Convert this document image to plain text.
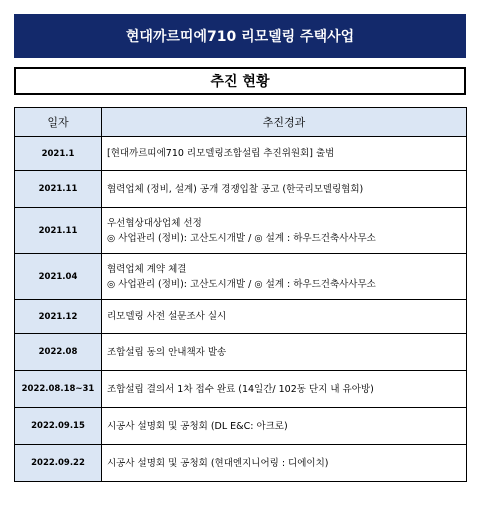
현대까르띠에710 리모델링 주택사업
추진 현황
일자	추진경과
2021.1	[현대까르띠에710 리모델링조합설립 추진위원회] 출범

2021.11	협력업체 (정비, 설계) 공개 경쟁입찰 공고 (한국리모델링협회)

2021.11	우선협상대상업체 선정
◎ 사업관리 (정비): 고산도시개발 / ◎ 설계 : 하우드건축사사무소

2021.04	협력업체 계약 체결
◎ 사업관리 (정비): 고산도시개발 / ◎ 설계 : 하우드건축사사무소

2021.12	리모델링 사전 설문조사 실시

2022.08	조합설립 동의 안내책자 발송

2022.08.18~31	조합설립 결의서 1차 접수 완료 (14일간/ 102동 단지 내 유아방)

2022.09.15	시공사 설명회 및 공청회 (DL E&C: 아크로)

2022.09.22	시공사 설명회 및 공청회 (현대엔지니어링 : 디에이치)
